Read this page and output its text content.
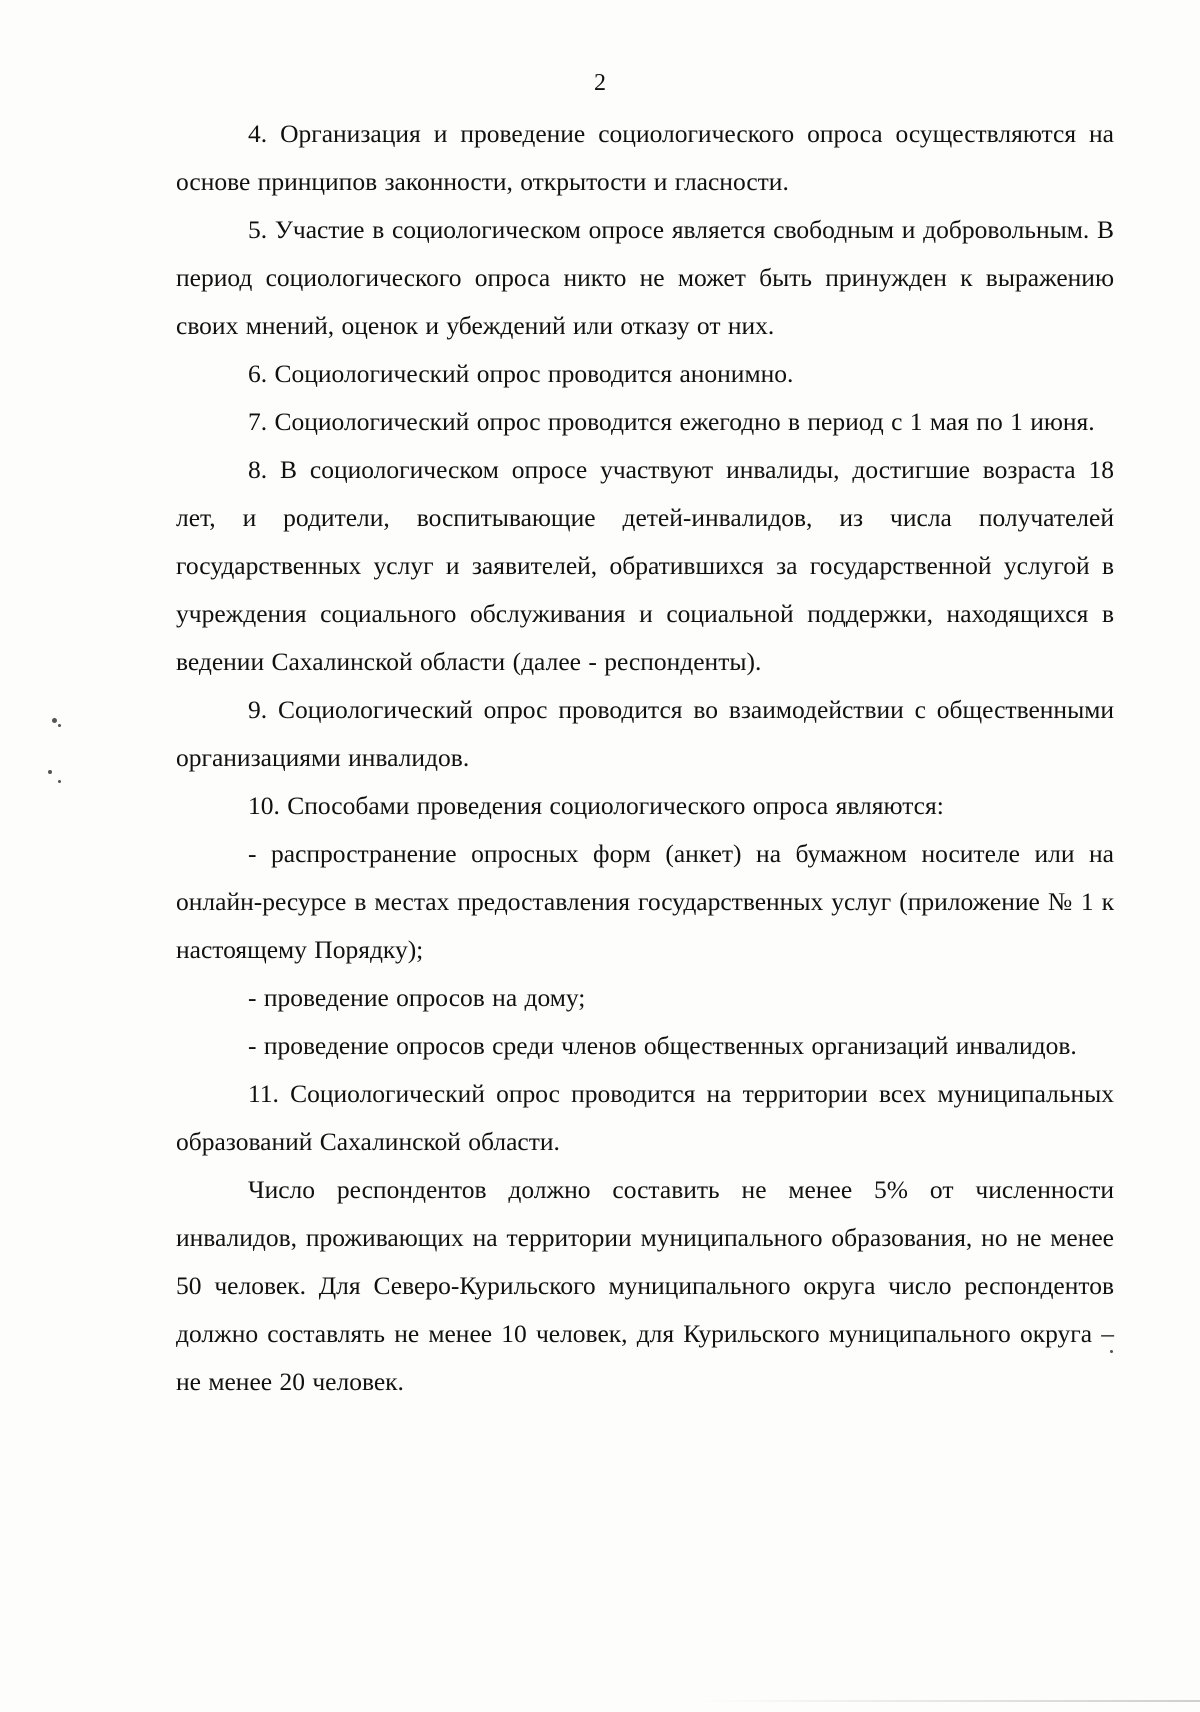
2

4. Организация и проведение социологического опроса осуществляются на основе принципов законности, открытости и гласности.

5. Участие в социологическом опросе является свободным и добровольным. В период социологического опроса никто не может быть принужден к выражению своих мнений, оценок и убеждений или отказу от них.

6. Социологический опрос проводится анонимно.

7. Социологический опрос проводится ежегодно в период с 1 мая по 1 июня.

8. В социологическом опросе участвуют инвалиды, достигшие возраста 18 лет, и родители, воспитывающие детей-инвалидов, из числа получателей государственных услуг и заявителей, обратившихся за государственной услугой в учреждения социального обслуживания и социальной поддержки, находящихся в ведении Сахалинской области (далее - респонденты).

9. Социологический опрос проводится во взаимодействии с общественными организациями инвалидов.

10. Способами проведения социологического опроса являются:

- распространение опросных форм (анкет) на бумажном носителе или на онлайн-ресурсе в местах предоставления государственных услуг (приложение № 1 к настоящему Порядку);

- проведение опросов на дому;

- проведение опросов среди членов общественных организаций инвалидов.

11. Социологический опрос проводится на территории всех муниципальных образований Сахалинской области.

Число респондентов должно составить не менее 5% от численности инвалидов, проживающих на территории муниципального образования, но не менее 50 человек. Для Северо-Курильского муниципального округа число респондентов должно составлять не менее 10 человек, для Курильского муниципального округа – не менее 20 человек.
